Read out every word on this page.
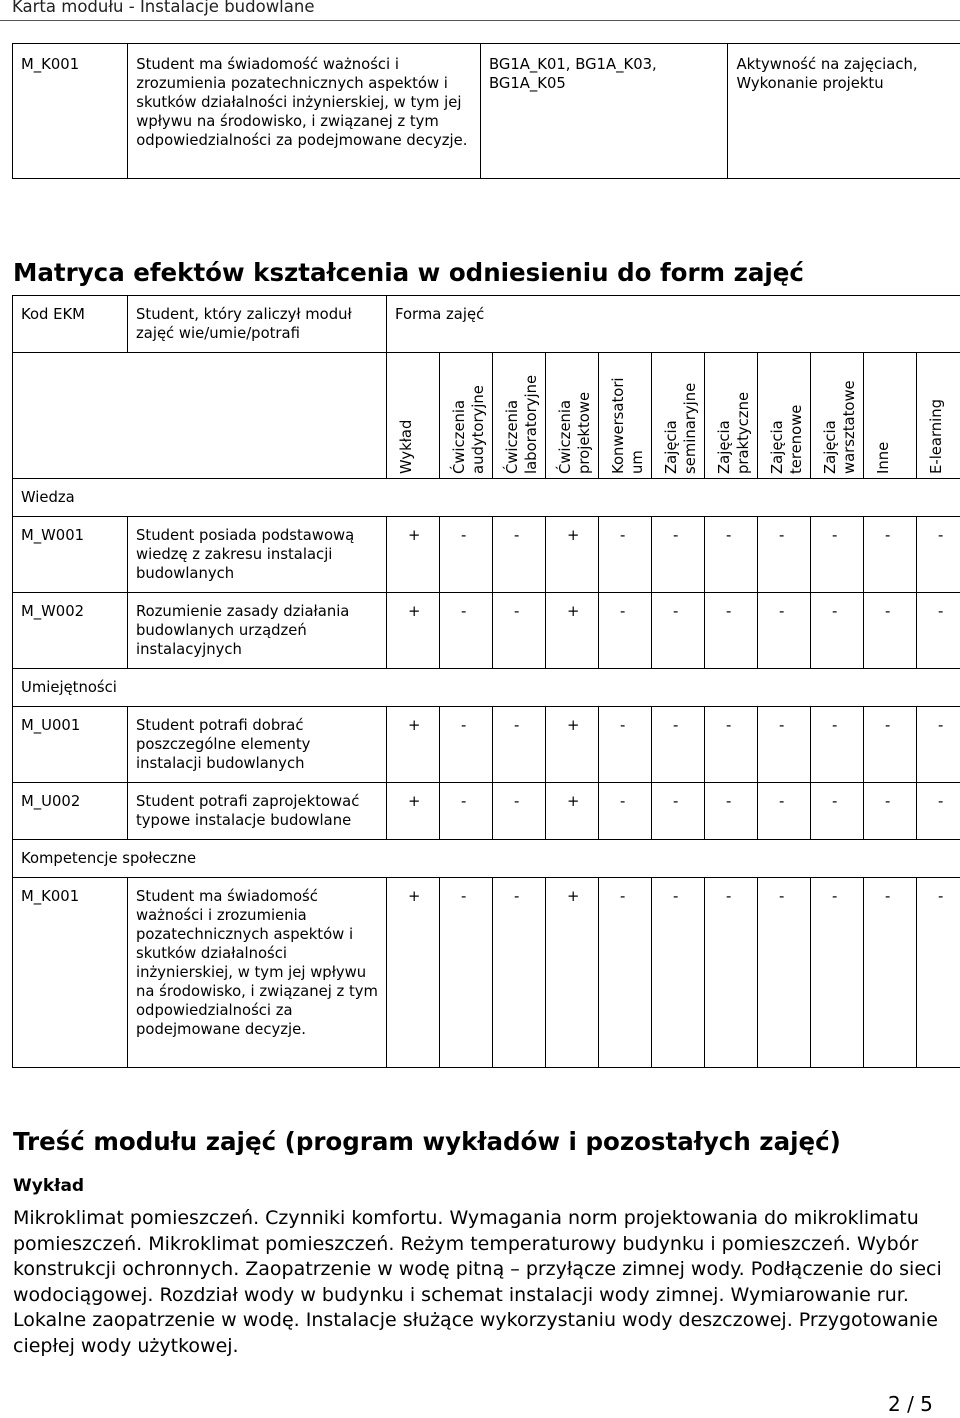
Karta modułu - Instalacje budowlane
M_K001	Student ma świadomość ważności i zrozumienia pozatechnicznych aspektów i skutków działalności inżynierskiej, w tym jej wpływu na środowisko, i związanej z tym odpowiedzialności za podejmowane decyzje.	BG1A_K01, BG1A_K03, BG1A_K05	Aktywność na zajęciach, Wykonanie projektu
Matryca efektów kształcenia w odniesieniu do form zajęć
Kod EKM	Student, który zaliczył moduł zajęć wie/umie/potrafi	Forma zajęć										

		Wykład	Ćwiczenia audytoryjne	Ćwiczenia laboratoryjne	Ćwiczenia projektowe	Konwersatori um	Zajęcia seminaryjne	Zajęcia praktyczne	Zajęcia terenowe	Zajęcia warsztatowe	Inne	E-learning

Wiedza												
M_W001	Student posiada podstawową wiedzę z zakresu instalacji budowlanych	+	-	-	+	-	-	-	-	-	-	-
M_W002	Rozumienie zasady działania budowlanych urządzeń instalacyjnych	+	-	-	+	-	-	-	-	-	-	-
Umiejętności												
M_U001	Student potrafi dobrać poszczególne elementy instalacji budowlanych	+	-	-	+	-	-	-	-	-	-	-
M_U002	Student potrafi zaprojektować typowe instalacje budowlane	+	-	-	+	-	-	-	-	-	-	-
Kompetencje społeczne												
M_K001	Student ma świadomość ważności i zrozumienia pozatechnicznych aspektów i skutków działalności inżynierskiej, w tym jej wpływu na środowisko, i związanej z tym odpowiedzialności za podejmowane decyzje.	+	-	-	+	-	-	-	-	-	-	-
Treść modułu zajęć (program wykładów i pozostałych zajęć)
Wykład
Mikroklimat pomieszczeń. Czynniki komfortu. Wymagania norm projektowania do mikroklimatu pomieszczeń. Mikroklimat pomieszczeń. Reżym temperaturowy budynku i pomieszczeń. Wybór konstrukcji ochronnych. Zaopatrzenie w wodę pitną – przyłącze zimnej wody. Podłączenie do sieci wodociągowej. Rozdział wody w budynku i schemat instalacji wody zimnej. Wymiarowanie rur. Lokalne zaopatrzenie w wodę. Instalacje służące wykorzystaniu wody deszczowej. Przygotowanie ciepłej wody użytkowej.
2 / 5
